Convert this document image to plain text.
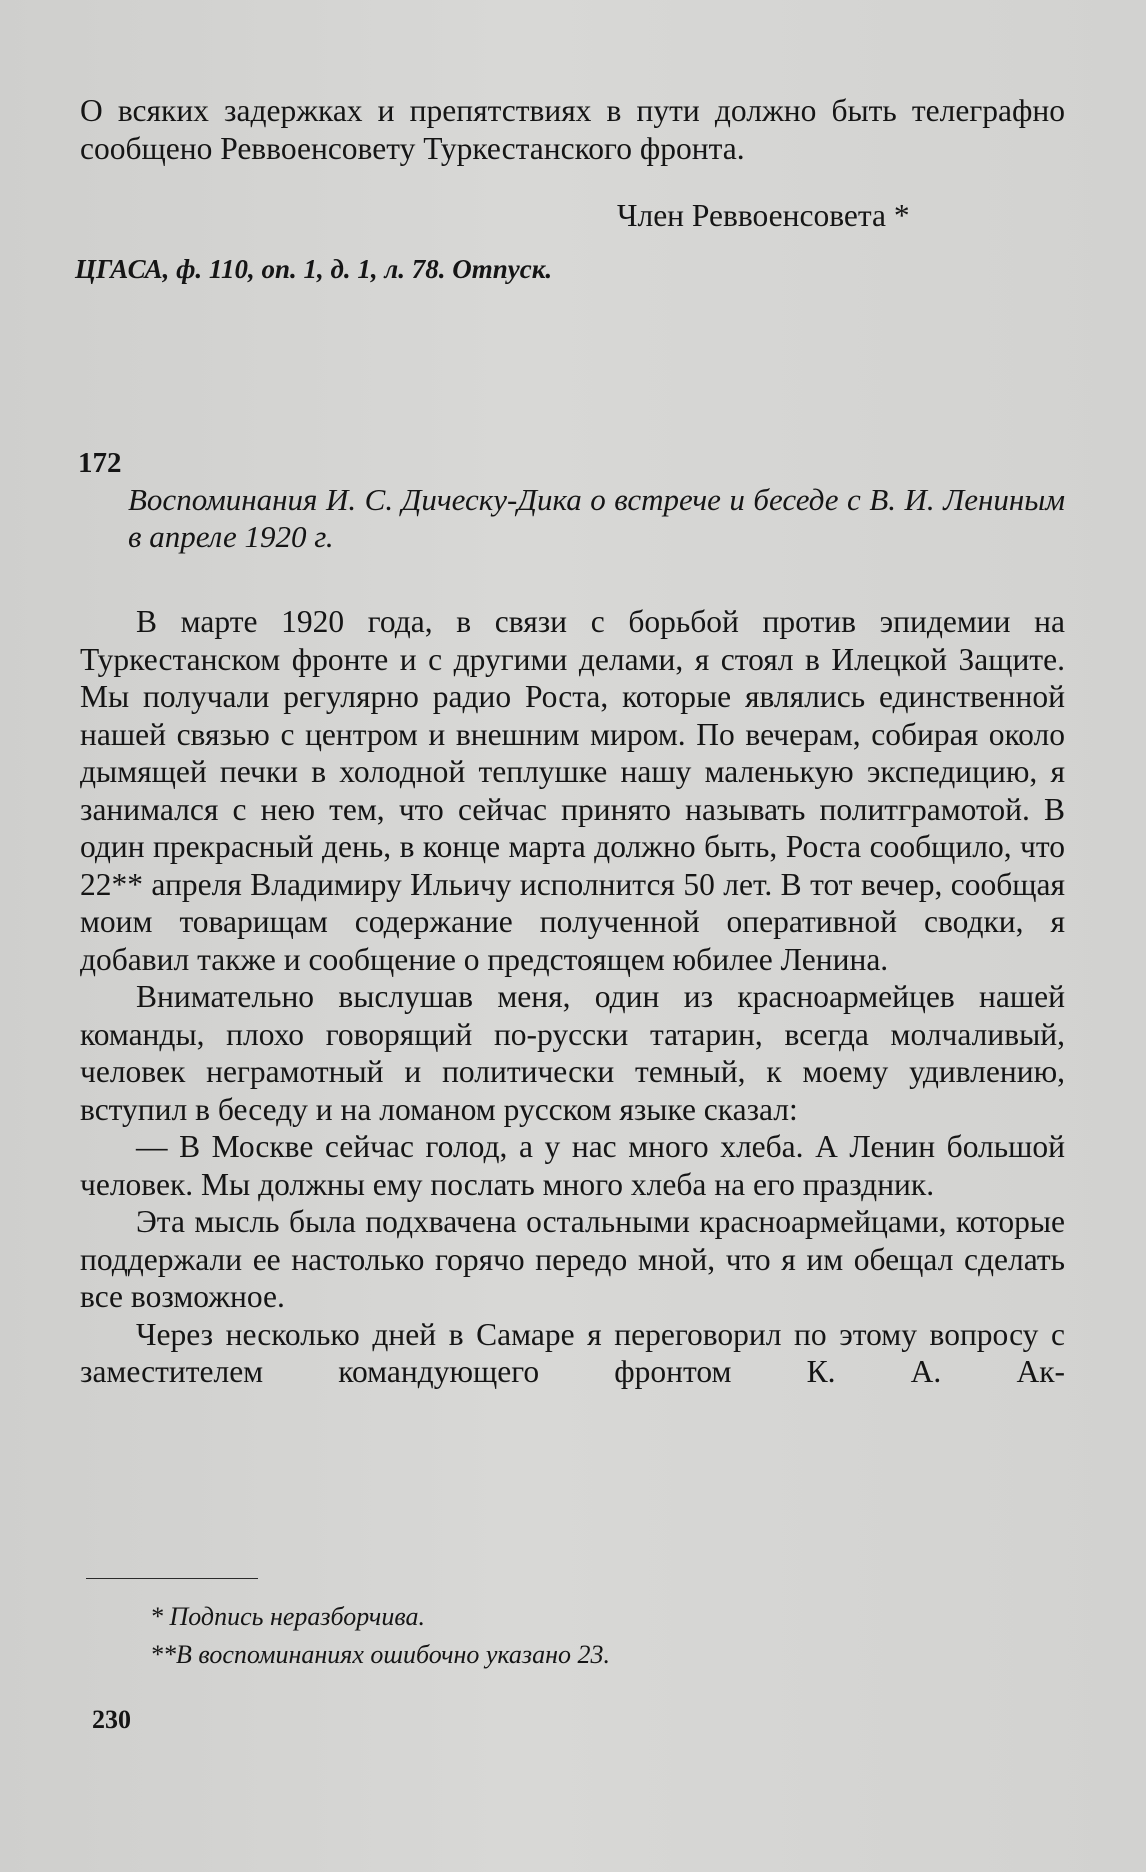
О всяких задержках и препятствиях в пути должно быть телеграфно сообщено Реввоенсовету Туркестанского фронта.

Член Реввоенсовета *
ЦГАСА, ф. 110, оп. 1, д. 1, л. 78. Отпуск.
172
Воспоминания И. С. Дическу-Дика о встрече и беседе с В. И. Лениным в апреле 1920 г.

В марте 1920 года, в связи с борьбой против эпидемии на Туркестанском фронте и с другими делами, я стоял в Илецкой Защите. Мы получали регулярно радио Роста, которые являлись единственной нашей связью с центром и внешним миром. По вечерам, собирая около дымящей печки в холодной теплушке нашу маленькую экспедицию, я занимался с нею тем, что сейчас принято называть политграмотой. В один прекрасный день, в конце марта должно быть, Роста сообщило, что 22** апреля Владимиру Ильичу исполнится 50 лет. В тот вечер, сообщая моим товарищам содержание полученной оперативной сводки, я добавил также и сообщение о предстоящем юбилее Ленина.

Внимательно выслушав меня, один из красноармейцев нашей команды, плохо говорящий по-русски татарин, всегда молчаливый, человек неграмотный и политически темный, к моему удивлению, вступил в беседу и на ломаном русском языке сказал:

— В Москве сейчас голод, а у нас много хлеба. А Ленин большой человек. Мы должны ему послать много хлеба на его праздник.

Эта мысль была подхвачена остальными красноармейцами, которые поддержали ее настолько горячо передо мной, что я им обещал сделать все возможное.

Через несколько дней в Самаре я переговорил по этому вопросу с заместителем командующего фронтом К. А. Ак-

* Подпись неразборчива.
**В воспоминаниях ошибочно указано 23.
230
